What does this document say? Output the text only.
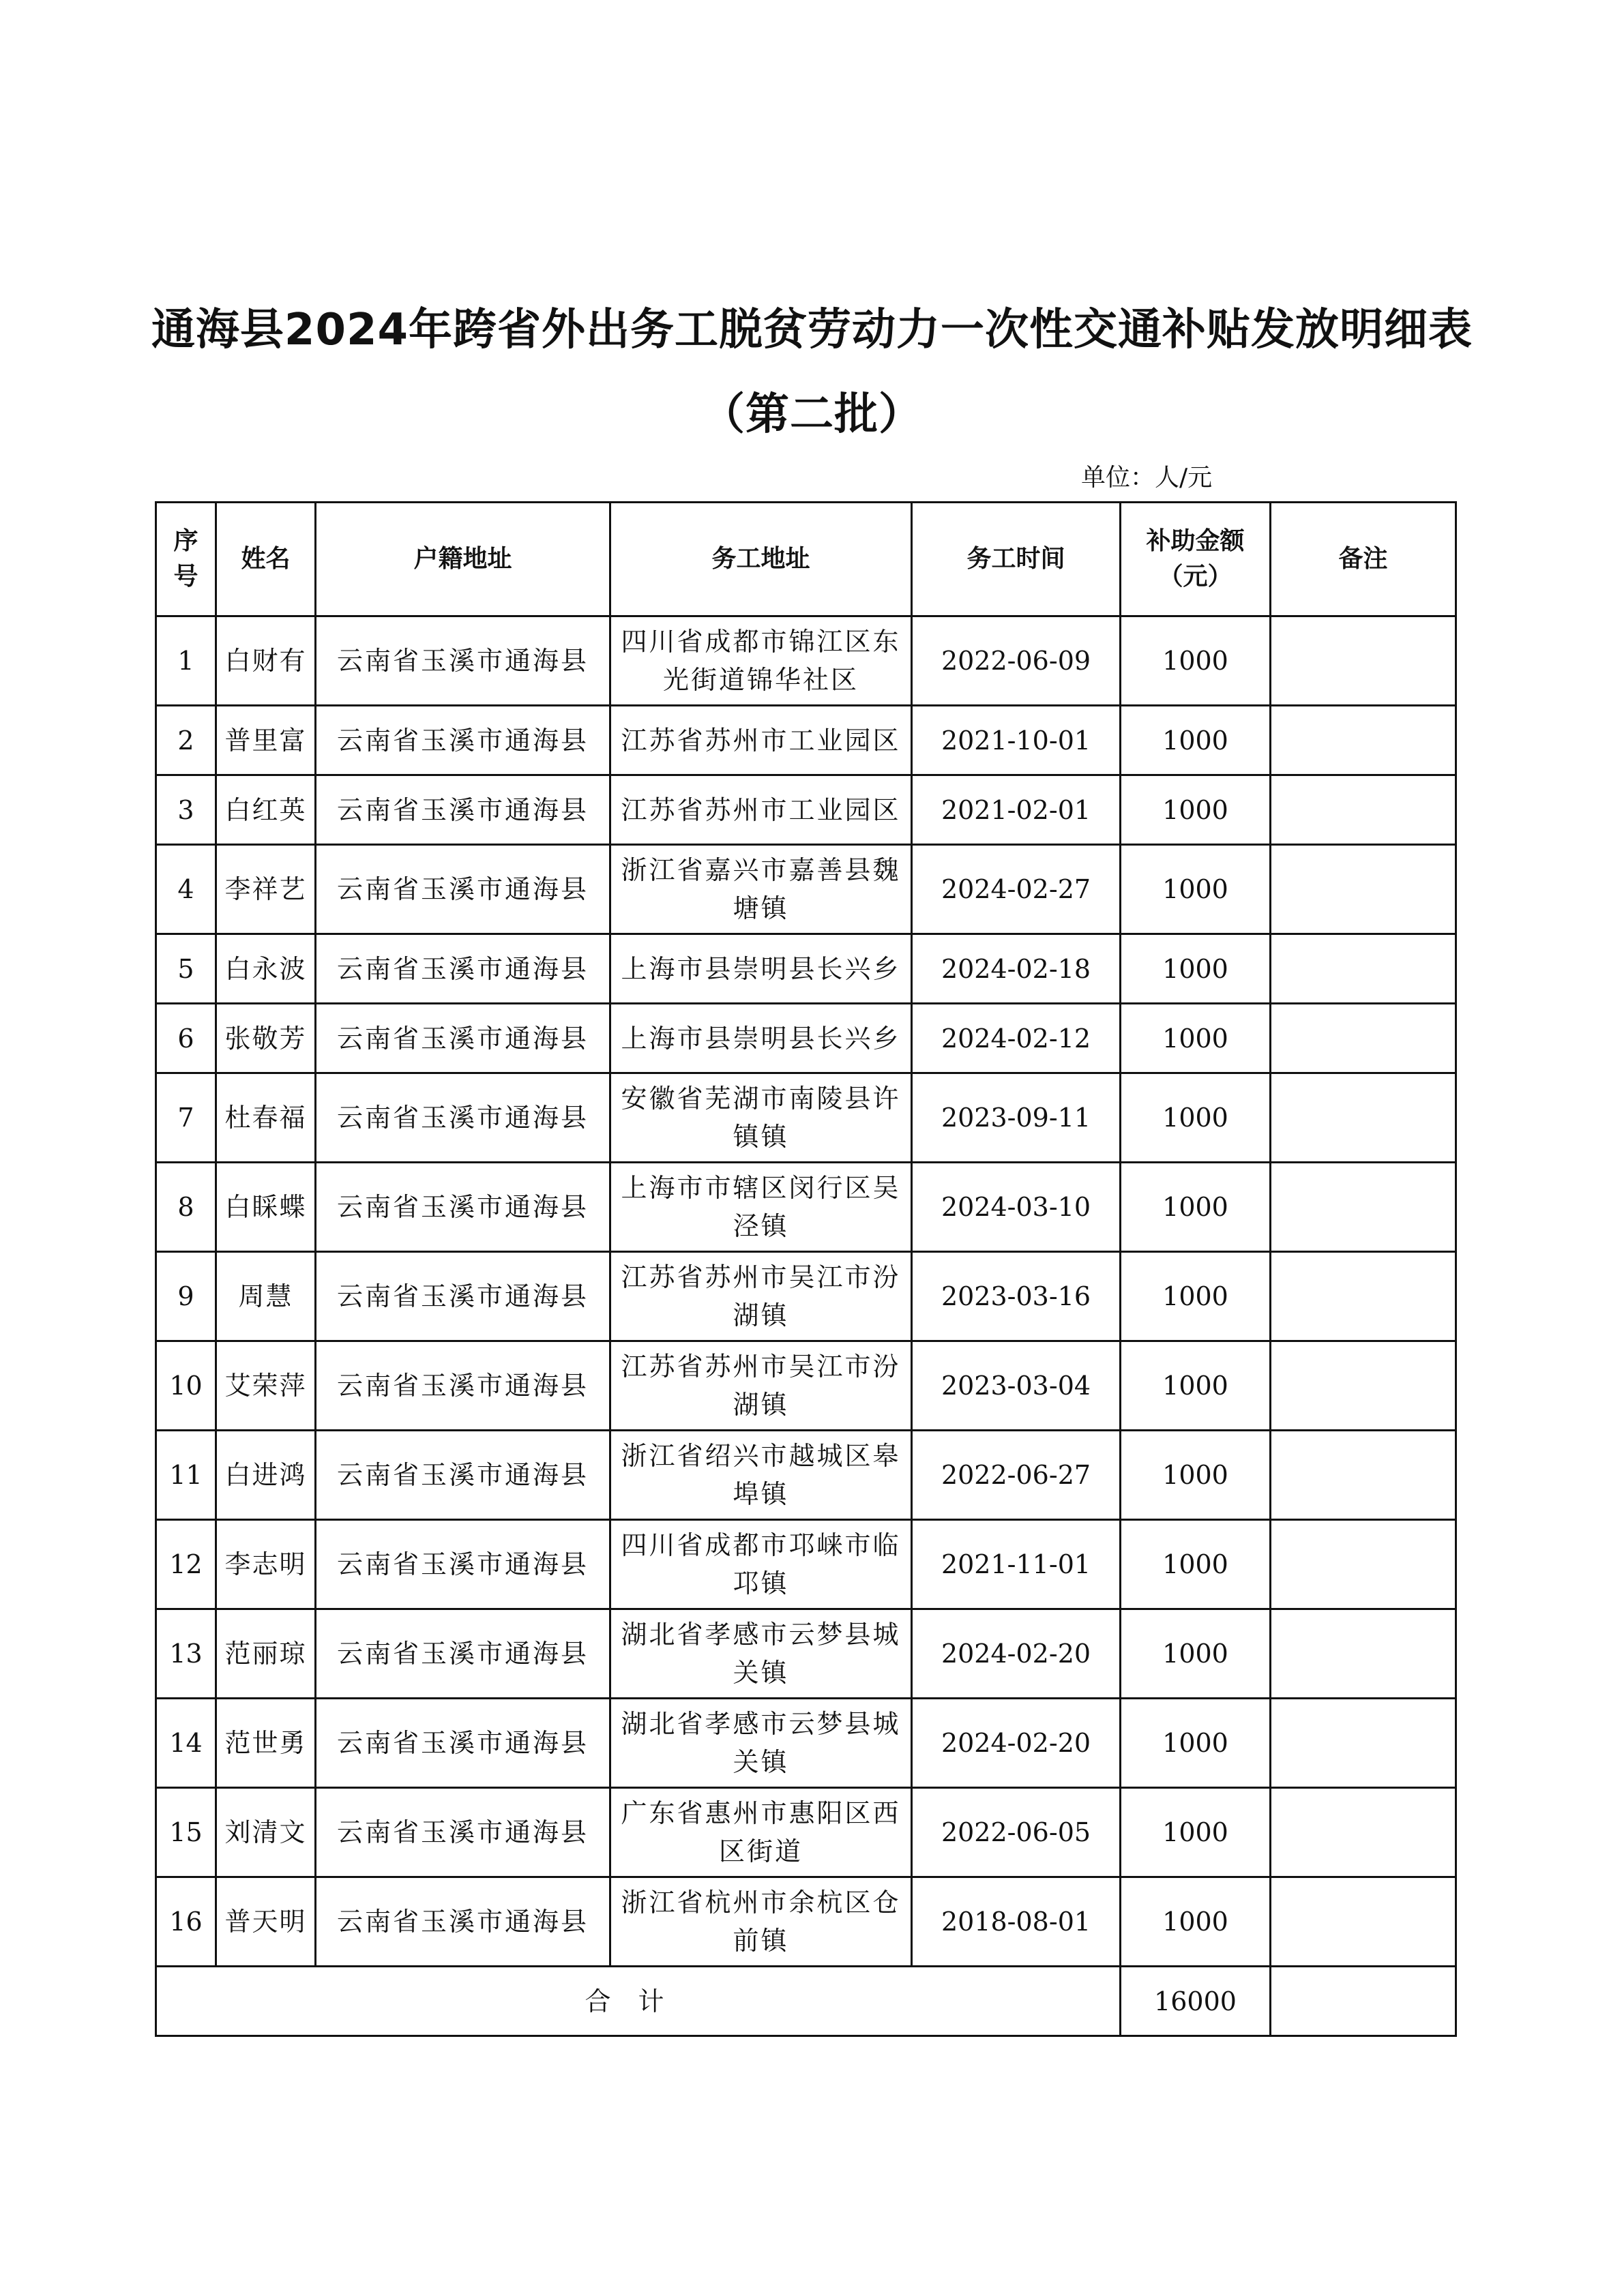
通海县2024年跨省外出务工脱贫劳动力一次性交通补贴发放明细表
（第二批）
单位：人/元
序号	姓名	户籍地址	务工地址	务工时间	补助金额（元）	备注
1	白财有	云南省玉溪市通海县	四川省成都市锦江区东光街道锦华社区	2022-06-09	1000	
2	普里富	云南省玉溪市通海县	江苏省苏州市工业园区	2021-10-01	1000	
3	白红英	云南省玉溪市通海县	江苏省苏州市工业园区	2021-02-01	1000	
4	李祥艺	云南省玉溪市通海县	浙江省嘉兴市嘉善县魏塘镇	2024-02-27	1000	
5	白永波	云南省玉溪市通海县	上海市县崇明县长兴乡	2024-02-18	1000	
6	张敬芳	云南省玉溪市通海县	上海市县崇明县长兴乡	2024-02-12	1000	
7	杜春福	云南省玉溪市通海县	安徽省芜湖市南陵县许镇镇	2023-09-11	1000	
8	白睬蝶	云南省玉溪市通海县	上海市市辖区闵行区吴泾镇	2024-03-10	1000	
9	周慧	云南省玉溪市通海县	江苏省苏州市吴江市汾湖镇	2023-03-16	1000	
10	艾荣萍	云南省玉溪市通海县	江苏省苏州市吴江市汾湖镇	2023-03-04	1000	
11	白进鸿	云南省玉溪市通海县	浙江省绍兴市越城区皋埠镇	2022-06-27	1000	
12	李志明	云南省玉溪市通海县	四川省成都市邛崃市临邛镇	2021-11-01	1000	
13	范丽琼	云南省玉溪市通海县	湖北省孝感市云梦县城关镇	2024-02-20	1000	
14	范世勇	云南省玉溪市通海县	湖北省孝感市云梦县城关镇	2024-02-20	1000	
15	刘清文	云南省玉溪市通海县	广东省惠州市惠阳区西区街道	2022-06-05	1000	
16	普天明	云南省玉溪市通海县	浙江省杭州市余杭区仓前镇	2018-08-01	1000	
合计					16000	
